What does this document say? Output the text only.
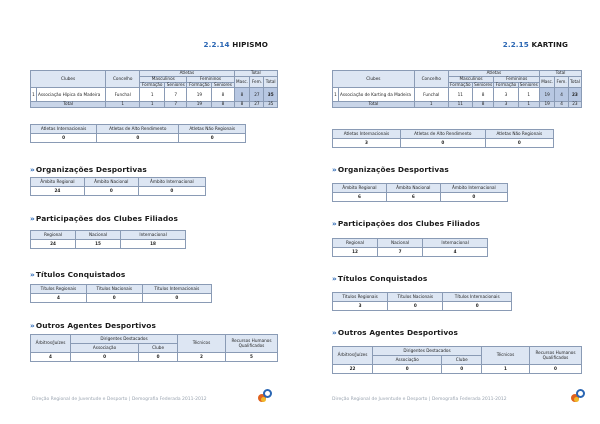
2.2.14 HIPISMO
Clubes		Concelho	Atletas				Total		
			Masculinos		Femininos		Masc.	Fem.	Total
			Formação	Seniores	Formação	Seniores			
1	Associação Hípica da Madeira	Funchal	1	7	19	8	8	27	35
Total		1	1	7	19	8	8	27	35
Atletas Internacionais	Atletas de Alto Rendimento	Atletas Não Regionais
0	0	0
»Organizações Desportivas
Âmbito Regional	Âmbito Nacional	Âmbito Internacional
24	0	0
»Participações dos Clubes Filiados
Regional	Nacional	Internacional
24	15	18
»Títulos Conquistados
Títulos Regionais	Títulos Nacionais	Títulos Internacionais
4	0	0
»Outros Agentes Desportivos
Árbitros/Juízes	Dirigentes Destacados		Técnicos	Recursos Humanos Qualificados
	Associação	Clube		
4	0	0	2	5
Direção Regional de Juventude e Desporto | Demografia Federada 2011-2012
2.2.15 KARTING
Clubes		Concelho	Atletas				Total		
			Masculinos		Femininos		Masc.	Fem.	Total
			Formação	Seniores	Formação	Seniores			
1	Associação de Karting da Madeira	Funchal	11	8	3	1	19	4	23
Total		1	11	8	3	1	19	4	23
Atletas Internacionais	Atletas de Alto Rendimento	Atletas Não Regionais
3	0	0
»Organizações Desportivas
Âmbito Regional	Âmbito Nacional	Âmbito Internacional
6	6	0
»Participações dos Clubes Filiados
Regional	Nacional	Internacional
12	7	4
»Títulos Conquistados
Títulos Regionais	Títulos Nacionais	Títulos Internacionais
3	0	0
»Outros Agentes Desportivos
Árbitros/Juízes	Dirigentes Destacados		Técnicos	Recursos Humanos Qualificados
	Associação	Clube		
22	0	0	1	0
Direção Regional de Juventude e Desporto | Demografia Federada 2011-2012
